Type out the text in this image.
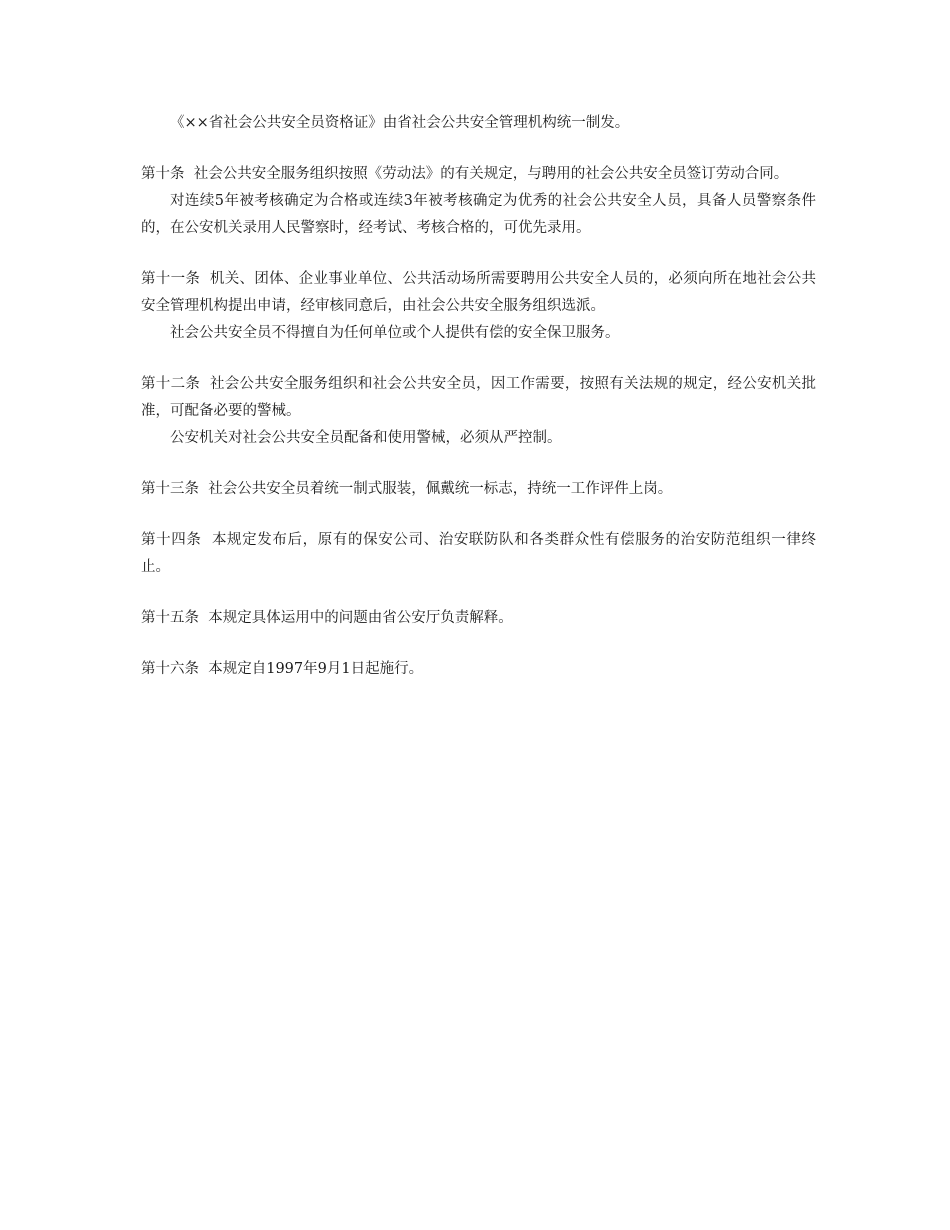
《××省社会公共安全员资格证》由省社会公共安全管理机构统一制发。

第十条 社会公共安全服务组织按照《劳动法》的有关规定，与聘用的社会公共安全员签订劳动合同。

对连续5年被考核确定为合格或连续3年被考核确定为优秀的社会公共安全人员，具备人员警察条件的，在公安机关录用人民警察时，经考试、考核合格的，可优先录用。

第十一条 机关、团体、企业事业单位、公共活动场所需要聘用公共安全人员的，必须向所在地社会公共安全管理机构提出申请，经审核同意后，由社会公共安全服务组织选派。

社会公共安全员不得擅自为任何单位或个人提供有偿的安全保卫服务。

第十二条 社会公共安全服务组织和社会公共安全员，因工作需要，按照有关法规的规定，经公安机关批准，可配备必要的警械。

公安机关对社会公共安全员配备和使用警械，必须从严控制。

第十三条 社会公共安全员着统一制式服装，佩戴统一标志，持统一工作评件上岗。

第十四条 本规定发布后，原有的保安公司、治安联防队和各类群众性有偿服务的治安防范组织一律终止。

第十五条 本规定具体运用中的问题由省公安厅负责解释。

第十六条 本规定自1997年9月1日起施行。
